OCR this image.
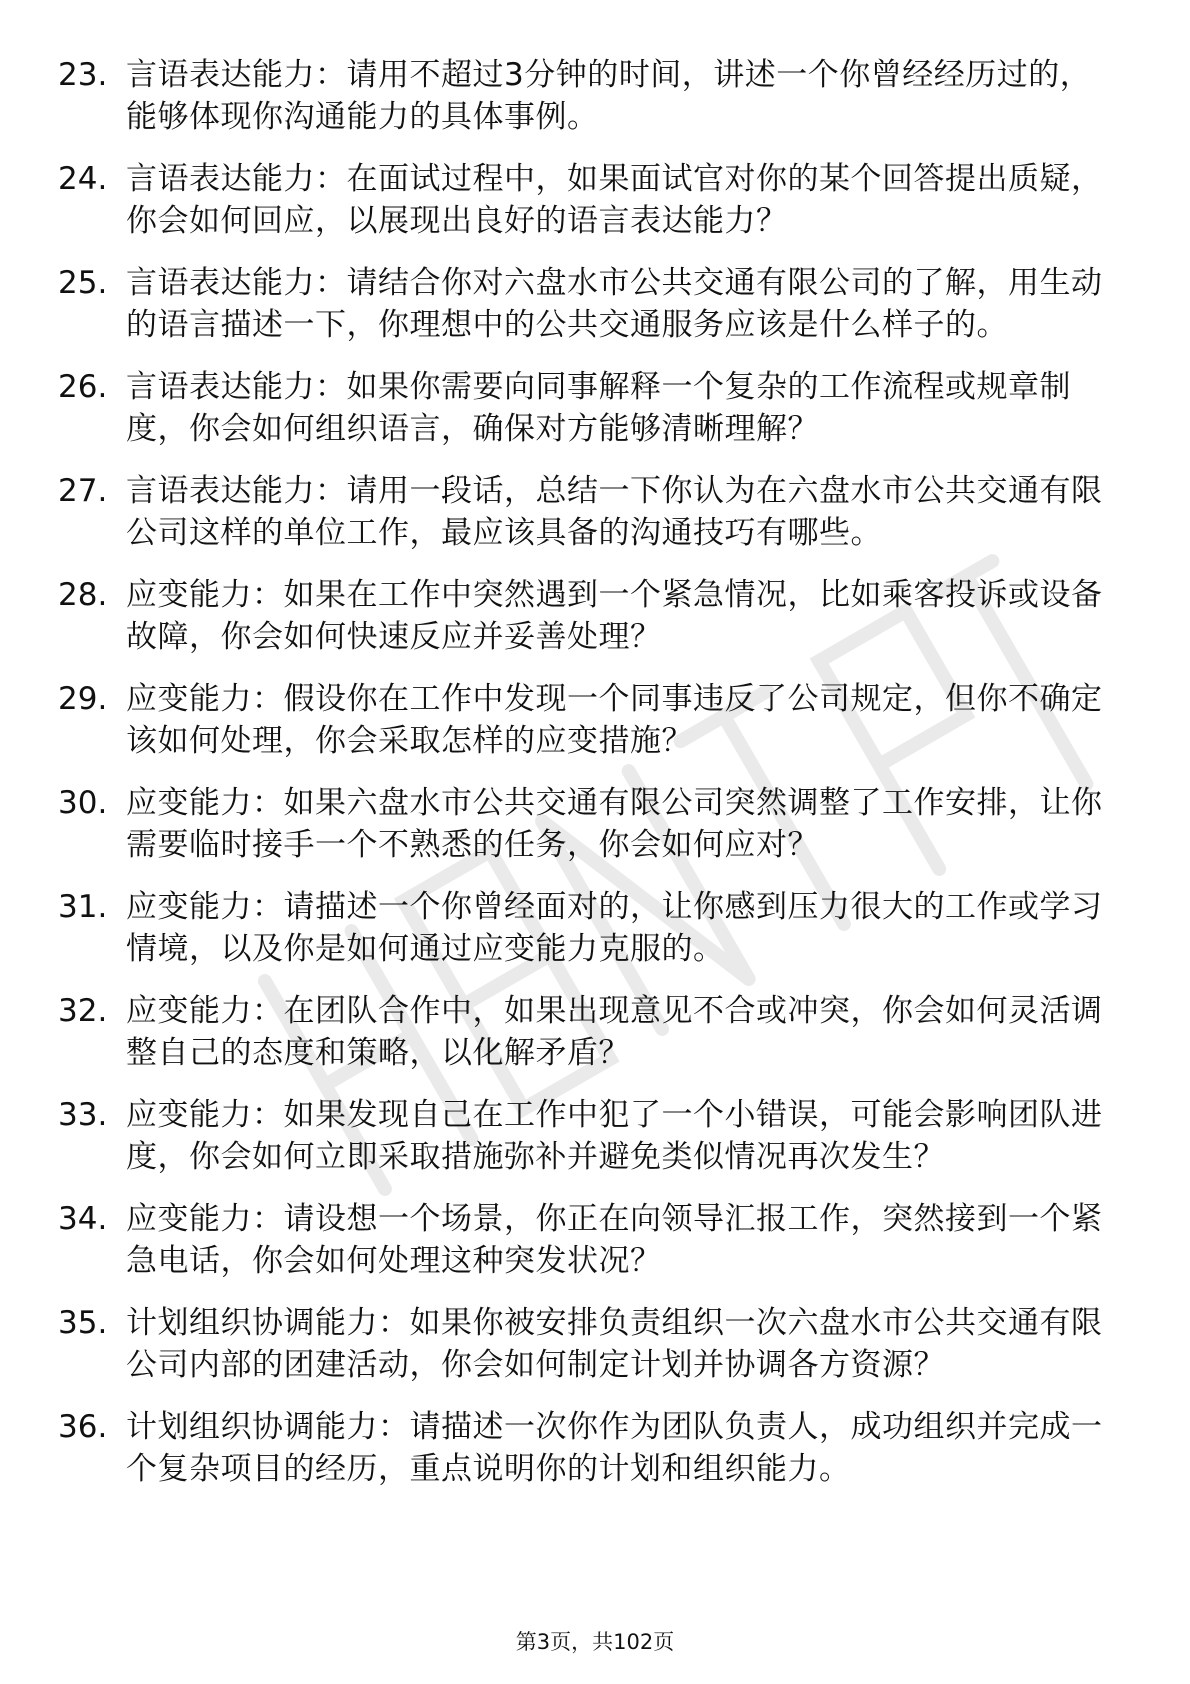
23. 言语表达能力：请用不超过3分钟的时间，讲述一个你曾经经历过的，能够体现你沟通能力的具体事例。
24. 言语表达能力：在面试过程中，如果面试官对你的某个回答提出质疑，你会如何回应，以展现出良好的语言表达能力？
25. 言语表达能力：请结合你对六盘水市公共交通有限公司的了解，用生动的语言描述一下，你理想中的公共交通服务应该是什么样子的。
26. 言语表达能力：如果你需要向同事解释一个复杂的工作流程或规章制度，你会如何组织语言，确保对方能够清晰理解？
27. 言语表达能力：请用一段话，总结一下你认为在六盘水市公共交通有限公司这样的单位工作，最应该具备的沟通技巧有哪些。
28. 应变能力：如果在工作中突然遇到一个紧急情况，比如乘客投诉或设备故障，你会如何快速反应并妥善处理？
29. 应变能力：假设你在工作中发现一个同事违反了公司规定，但你不确定该如何处理，你会采取怎样的应变措施？
30. 应变能力：如果六盘水市公共交通有限公司突然调整了工作安排，让你需要临时接手一个不熟悉的任务，你会如何应对？
31. 应变能力：请描述一个你曾经面对的，让你感到压力很大的工作或学习情境，以及你是如何通过应变能力克服的。
32. 应变能力：在团队合作中，如果出现意见不合或冲突，你会如何灵活调整自己的态度和策略，以化解矛盾？
33. 应变能力：如果发现自己在工作中犯了一个小错误，可能会影响团队进度，你会如何立即采取措施弥补并避免类似情况再次发生？
34. 应变能力：请设想一个场景，你正在向领导汇报工作，突然接到一个紧急电话，你会如何处理这种突发状况？
35. 计划组织协调能力：如果你被安排负责组织一次六盘水市公共交通有限公司内部的团建活动，你会如何制定计划并协调各方资源？
36. 计划组织协调能力：请描述一次你作为团队负责人，成功组织并完成一个复杂项目的经历，重点说明你的计划和组织能力。
第3页，共102页
